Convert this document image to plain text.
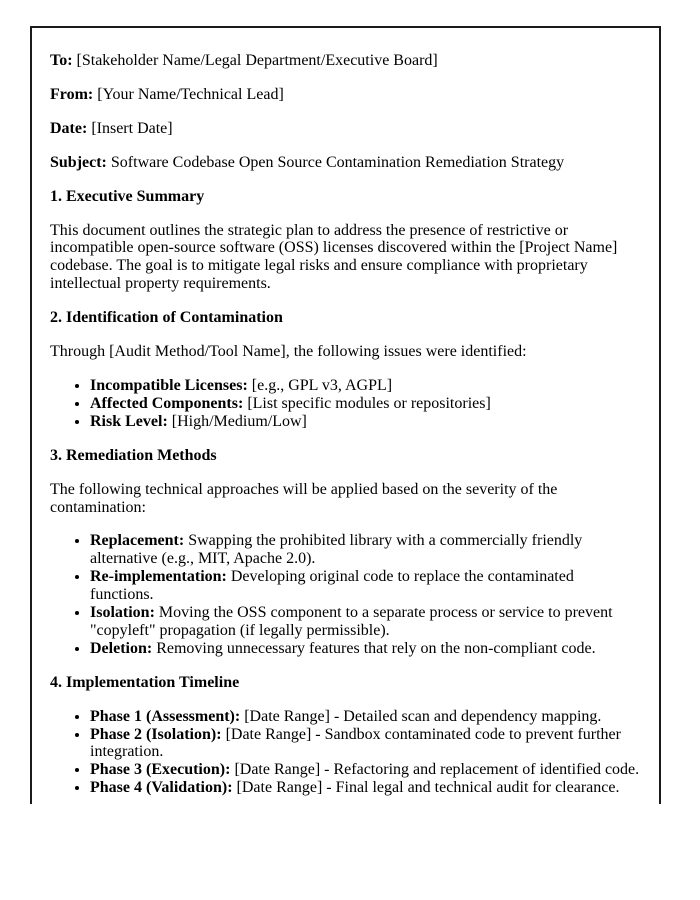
To: [Stakeholder Name/Legal Department/Executive Board]

From: [Your Name/Technical Lead]

Date: [Insert Date]

Subject: Software Codebase Open Source Contamination Remediation Strategy

1. Executive Summary

This document outlines the strategic plan to address the presence of restrictive or incompatible open-source software (OSS) licenses discovered within the [Project Name] codebase. The goal is to mitigate legal risks and ensure compliance with proprietary intellectual property requirements.

2. Identification of Contamination

Through [Audit Method/Tool Name], the following issues were identified:

• Incompatible Licenses: [e.g., GPL v3, AGPL]
• Affected Components: [List specific modules or repositories]
• Risk Level: [High/Medium/Low]

3. Remediation Methods

The following technical approaches will be applied based on the severity of the contamination:

• Replacement: Swapping the prohibited library with a commercially friendly alternative (e.g., MIT, Apache 2.0).
• Re-implementation: Developing original code to replace the contaminated functions.
• Isolation: Moving the OSS component to a separate process or service to prevent "copyleft" propagation (if legally permissible).
• Deletion: Removing unnecessary features that rely on the non-compliant code.

4. Implementation Timeline

• Phase 1 (Assessment): [Date Range] - Detailed scan and dependency mapping.
• Phase 2 (Isolation): [Date Range] - Sandbox contaminated code to prevent further integration.
• Phase 3 (Execution): [Date Range] - Refactoring and replacement of identified code.
• Phase 4 (Validation): [Date Range] - Final legal and technical audit for clearance.
